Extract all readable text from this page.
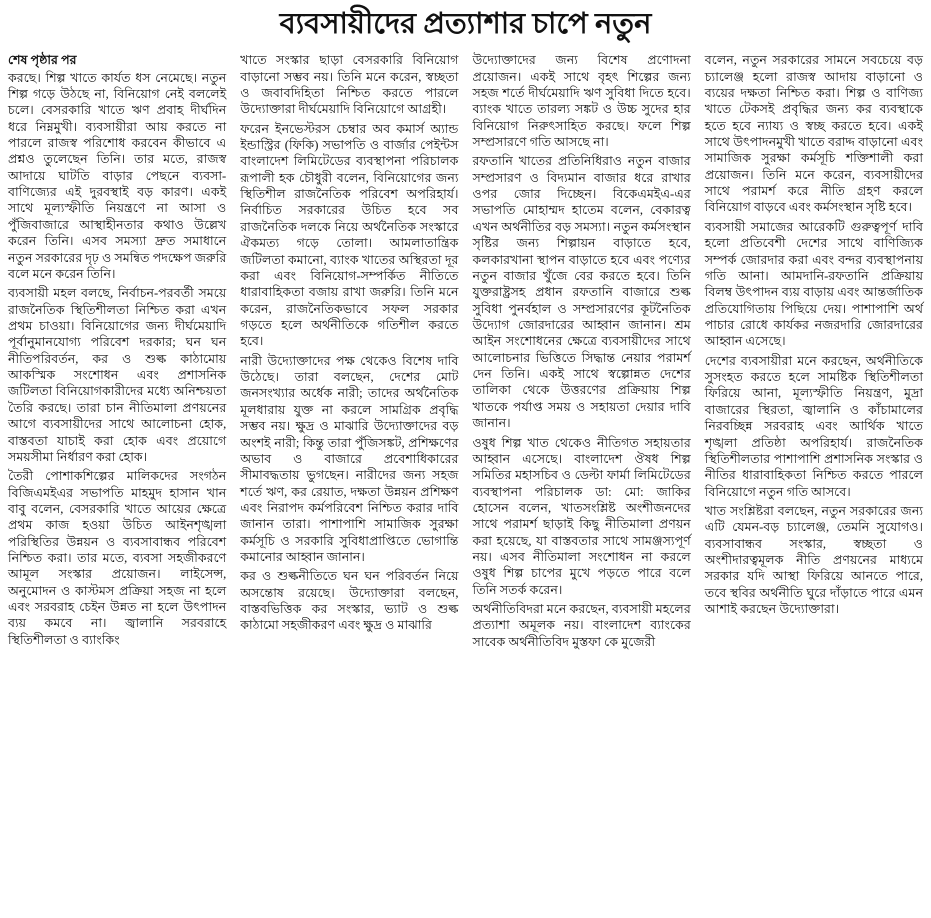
ব্যবসায়ীদের প্রত্যাশার চাপে নতুন
শেষ পৃষ্ঠার পর

করছে। শিল্প খাতে কার্যত ধস নেমেছে। নতুন শিল্প গড়ে উঠছে না, বিনিয়োগ নেই বললেই চলে। বেসরকারি খাতে ঋণ প্রবাহ দীর্ঘদিন ধরে নিম্নমুখী। ব্যবসায়ীরা আয় করতে না পারলে রাজস্ব পরিশোধ করবেন কীভাবে এ প্রশ্নও তুলেছেন তিনি। তার মতে, রাজস্ব আদায়ে ঘাটতি বাড়ার পেছনে ব্যবসা-বাণিজ্যের এই দুরবস্থাই বড় কারণ। একই সাথে মূল্যস্ফীতি নিয়ন্ত্রণে না আসা ও পুঁজিবাজারে আস্থাহীনতার কথাও উল্লেখ করেন তিনি। এসব সমস্যা দ্রুত সমাধানে নতুন সরকারের দৃঢ় ও সমন্বিত পদক্ষেপ জরুরি বলে মনে করেন তিনি।

ব্যবসায়ী মহল বলছে, নির্বাচন-পরবর্তী সময়ে রাজনৈতিক স্থিতিশীলতা নিশ্চিত করা এখন প্রথম চাওয়া। বিনিয়োগের জন্য দীর্ঘমেয়াদি পূর্বানুমানযোগ্য পরিবেশ দরকার; ঘন ঘন নীতিপরিবর্তন, কর ও শুল্ক কাঠামোয় আকস্মিক সংশোধন এবং প্রশাসনিক জটিলতা বিনিয়োগকারীদের মধ্যে অনিশ্চয়তা তৈরি করছে। তারা চান নীতিমালা প্রণয়নের আগে ব্যবসায়ীদের সাথে আলোচনা হোক, বাস্তবতা যাচাই করা হোক এবং প্রয়োগে সময়সীমা নির্ধারণ করা হোক।

তৈরী পোশাকশিল্পের মালিকদের সংগঠন বিজিএমইএর সভাপতি মাহমুদ হাসান খান বাবু বলেন, বেসরকারি খাতে আয়ের ক্ষেত্রে প্রথম কাজ হওয়া উচিত আইনশৃঙ্খলা পরিস্থিতির উন্নয়ন ও ব্যবসাবান্ধব পরিবেশ নিশ্চিত করা। তার মতে, ব্যবসা সহজীকরণে আমূল সংস্কার প্রয়োজন। লাইসেন্স, অনুমোদন ও কাস্টমস প্রক্রিয়া সহজ না হলে এবং সরবরাহ চেইন উন্নত না হলে উৎপাদন ব্যয় কমবে না। জ্বালানি সরবরাহে স্থিতিশীলতা ও ব্যাংকিং

খাতে সংস্কার ছাড়া বেসরকারি বিনিয়োগ বাড়ানো সম্ভব নয়। তিনি মনে করেন, স্বচ্ছতা ও জবাবদিহিতা নিশ্চিত করতে পারলে উদ্যোক্তারা দীর্ঘমেয়াদি বিনিয়োগে আগ্রহী।

ফরেন ইনভেস্টরস চেম্বার অব কমার্স অ্যান্ড ইন্ডাস্ট্রির (ফিকি) সভাপতি ও বার্জার পেইন্টস বাংলাদেশ লিমিটেডের ব্যবস্থাপনা পরিচালক রূপালী হক চৌধুরী বলেন, বিনিয়োগের জন্য স্থিতিশীল রাজনৈতিক পরিবেশ অপরিহার্য। নির্বাচিত সরকারের উচিত হবে সব রাজনৈতিক দলকে নিয়ে অর্থনৈতিক সংস্কারে ঐকমত্য গড়ে তোলা। আমলাতান্ত্রিক জটিলতা কমানো, ব্যাংক খাতের অস্থিরতা দূর করা এবং বিনিয়োগ-সম্পর্কিত নীতিতে ধারাবাহিকতা বজায় রাখা জরুরি। তিনি মনে করেন, রাজনৈতিকভাবে সফল সরকার গড়তে হলে অর্থনীতিকে গতিশীল করতে হবে।

নারী উদ্যোক্তাদের পক্ষ থেকেও বিশেষ দাবি উঠেছে। তারা বলছেন, দেশের মোট জনসংখ্যার অর্ধেক নারী; তাদের অর্থনৈতিক মূলধারায় যুক্ত না করলে সামগ্রিক প্রবৃদ্ধি সম্ভব নয়। ক্ষুদ্র ও মাঝারি উদ্যোক্তাদের বড় অংশই নারী; কিন্তু তারা পুঁজিসঙ্কট, প্রশিক্ষণের অভাব ও বাজারে প্রবেশাধিকারের সীমাবদ্ধতায় ভুগছেন। নারীদের জন্য সহজ শর্তে ঋণ, কর রেয়াত, দক্ষতা উন্নয়ন প্রশিক্ষণ এবং নিরাপদ কর্মপরিবেশ নিশ্চিত করার দাবি জানান তারা। পাশাপাশি সামাজিক সুরক্ষা কর্মসূচি ও সরকারি সুবিধাপ্রাপ্তিতে ভোগান্তি কমানোর আহ্বান জানান।

কর ও শুল্কনীতিতে ঘন ঘন পরিবর্তন নিয়ে অসন্তোষ রয়েছে। উদ্যোক্তারা বলছেন, বাস্তবভিত্তিক কর সংস্কার, ভ্যাট ও শুল্ক কাঠামো সহজীকরণ এবং ক্ষুদ্র ও মাঝারি

উদ্যোক্তাদের জন্য বিশেষ প্রণোদনা প্রয়োজন। একই সাথে বৃহৎ শিল্পের জন্য সহজ শর্তে দীর্ঘমেয়াদি ঋণ সুবিধা দিতে হবে। ব্যাংক খাতে তারল্য সঙ্কট ও উচ্চ সুদের হার বিনিয়োগ নিরুৎসাহিত করছে। ফলে শিল্প সম্প্রসারণে গতি আসছে না।

রফতানি খাতের প্রতিনিধিরাও নতুন বাজার সম্প্রসারণ ও বিদ্যমান বাজার ধরে রাখার ওপর জোর দিচ্ছেন। বিকেএমইএ-এর সভাপতি মোহাম্মদ হাতেম বলেন, বেকারত্ব এখন অর্থনীতির বড় সমস্যা। নতুন কর্মসংস্থান সৃষ্টির জন্য শিল্পায়ন বাড়াতে হবে, কলকারখানা স্থাপন বাড়াতে হবে এবং পণ্যের নতুন বাজার খুঁজে বের করতে হবে। তিনি যুক্তরাষ্ট্রসহ প্রধান রফতানি বাজারে শুল্ক সুবিধা পুনর্বহাল ও সম্প্রসারণের কূটনৈতিক উদ্যোগ জোরদারের আহ্বান জানান। শ্রম আইন সংশোধনের ক্ষেত্রে ব্যবসায়ীদের সাথে আলোচনার ভিত্তিতে সিদ্ধান্ত নেয়ার পরামর্শ দেন তিনি। একই সাথে স্বল্পোন্নত দেশের তালিকা থেকে উত্তরণের প্রক্রিয়ায় শিল্প খাতকে পর্যাপ্ত সময় ও সহায়তা দেয়ার দাবি জানান।

ওষুধ শিল্প খাত থেকেও নীতিগত সহায়তার আহ্বান এসেছে। বাংলাদেশ ঔষধ শিল্প সমিতির মহাসচিব ও ডেল্টা ফার্মা লিমিটেডের ব্যবস্থাপনা পরিচালক ডা: মো: জাকির হোসেন বলেন, খাতসংশ্লিষ্ট অংশীজনদের সাথে পরামর্শ ছাড়াই কিছু নীতিমালা প্রণয়ন করা হয়েছে, যা বাস্তবতার সাথে সামঞ্জস্যপূর্ণ নয়। এসব নীতিমালা সংশোধন না করলে ওষুধ শিল্প চাপের মুখে পড়তে পারে বলে তিনি সতর্ক করেন।

অর্থনীতিবিদরা মনে করছেন, ব্যবসায়ী মহলের প্রত্যাশা অমূলক নয়। বাংলাদেশ ব্যাংকের সাবেক অর্থনীতিবিদ মুস্তফা কে মুজেরী

বলেন, নতুন সরকারের সামনে সবচেয়ে বড় চ্যালেঞ্জ হলো রাজস্ব আদায় বাড়ানো ও ব্যয়ের দক্ষতা নিশ্চিত করা। শিল্প ও বাণিজ্য খাতে টেকসই প্রবৃদ্ধির জন্য কর ব্যবস্থাকে হতে হবে ন্যায্য ও স্বচ্ছ করতে হবে। একই সাথে উৎপাদনমুখী খাতে বরাদ্দ বাড়ানো এবং সামাজিক সুরক্ষা কর্মসূচি শক্তিশালী করা প্রয়োজন। তিনি মনে করেন, ব্যবসায়ীদের সাথে পরামর্শ করে নীতি গ্রহণ করলে বিনিয়োগ বাড়বে এবং কর্মসংস্থান সৃষ্টি হবে।

ব্যবসায়ী সমাজের আরেকটি গুরুত্বপূর্ণ দাবি হলো প্রতিবেশী দেশের সাথে বাণিজ্যিক সম্পর্ক জোরদার করা এবং বন্দর ব্যবস্থাপনায় গতি আনা। আমদানি-রফতানি প্রক্রিয়ায় বিলম্ব উৎপাদন ব্যয় বাড়ায় এবং আন্তর্জাতিক প্রতিযোগিতায় পিছিয়ে দেয়। পাশাপাশি অর্থ পাচার রোধে কার্যকর নজরদারি জোরদারের আহ্বান এসেছে।

দেশের ব্যবসায়ীরা মনে করছেন, অর্থনীতিকে সুসংহত করতে হলে সামষ্টিক স্থিতিশীলতা ফিরিয়ে আনা, মূল্যস্ফীতি নিয়ন্ত্রণ, মুদ্রা বাজারের স্থিরতা, জ্বালানি ও কাঁচামালের নিরবচ্ছিন্ন সরবরাহ এবং আর্থিক খাতে শৃঙ্খলা প্রতিষ্ঠা অপরিহার্য। রাজনৈতিক স্থিতিশীলতার পাশাপাশি প্রশাসনিক সংস্কার ও নীতির ধারাবাহিকতা নিশ্চিত করতে পারলে বিনিয়োগে নতুন গতি আসবে।

খাত সংশ্লিষ্টরা বলছেন, নতুন সরকারের জন্য এটি যেমন-বড় চ্যালেঞ্জ, তেমনি সুযোগও। ব্যবসাবান্ধব সংস্কার, স্বচ্ছতা ও অংশীদারত্বমূলক নীতি প্রণয়নের মাধ্যমে সরকার যদি আস্থা ফিরিয়ে আনতে পারে, তবে স্থবির অর্থনীতি ঘুরে দাঁড়াতে পারে এমন আশাই করছেন উদ্যোক্তারা।
